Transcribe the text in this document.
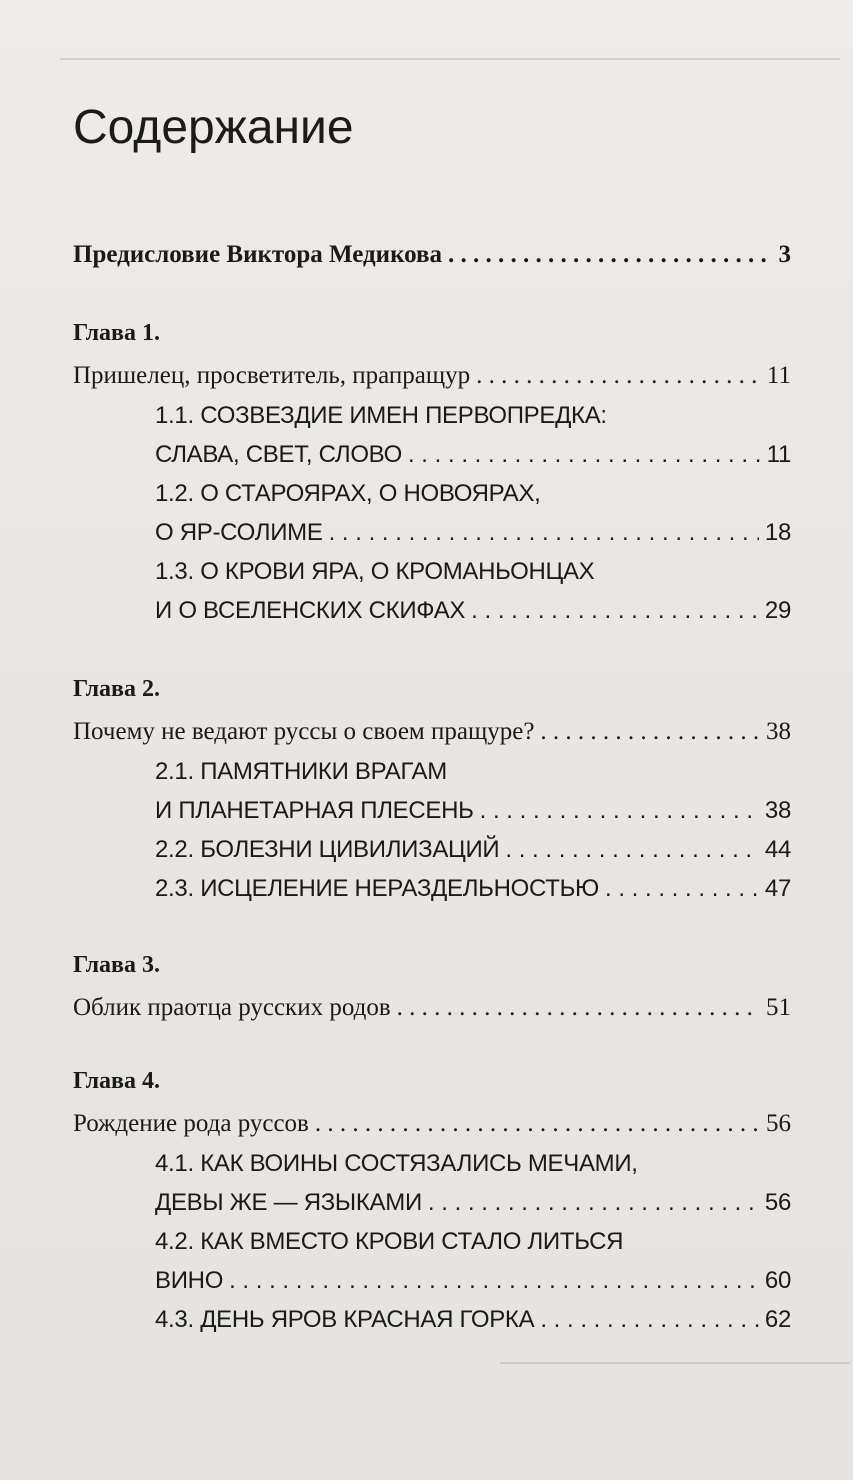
Содержание
Предисловие Виктора Медикова . . .	3
Глава 1.
Пришелец, просветитель, прапращур . . .	11
1.1. СОЗВЕЗДИЕ ИМЕН ПЕРВОПРЕДКА:
СЛАВА, СВЕТ, СЛОВО . . .	11
1.2. О СТАРОЯРАХ, О НОВОЯРАХ,
О ЯР-СОЛИМЕ . . .	18
1.3. О КРОВИ ЯРА, О КРОМАНЬОНЦАХ
И О ВСЕЛЕНСКИХ СКИФАХ . . .	29
Глава 2.
Почему не ведают руссы о своем пращуре? . . .	38
2.1. ПАМЯТНИКИ ВРАГАМ
И ПЛАНЕТАРНАЯ ПЛЕСЕНЬ . . .	38
2.2. БОЛЕЗНИ ЦИВИЛИЗАЦИЙ . . .	44
2.3. ИСЦЕЛЕНИЕ НЕРАЗДЕЛЬНОСТЬЮ . . .	47
Глава 3.
Облик праотца русских родов . . .	51
Глава 4.
Рождение рода руссов . . .	56
4.1. КАК ВОИНЫ СОСТЯЗАЛИСЬ МЕЧАМИ,
ДЕВЫ ЖЕ — ЯЗЫКАМИ . . .	56
4.2. КАК ВМЕСТО КРОВИ СТАЛО ЛИТЬСЯ
ВИНО . . .	60
4.3. ДЕНЬ ЯРОВ КРАСНАЯ ГОРКА . . .	62
